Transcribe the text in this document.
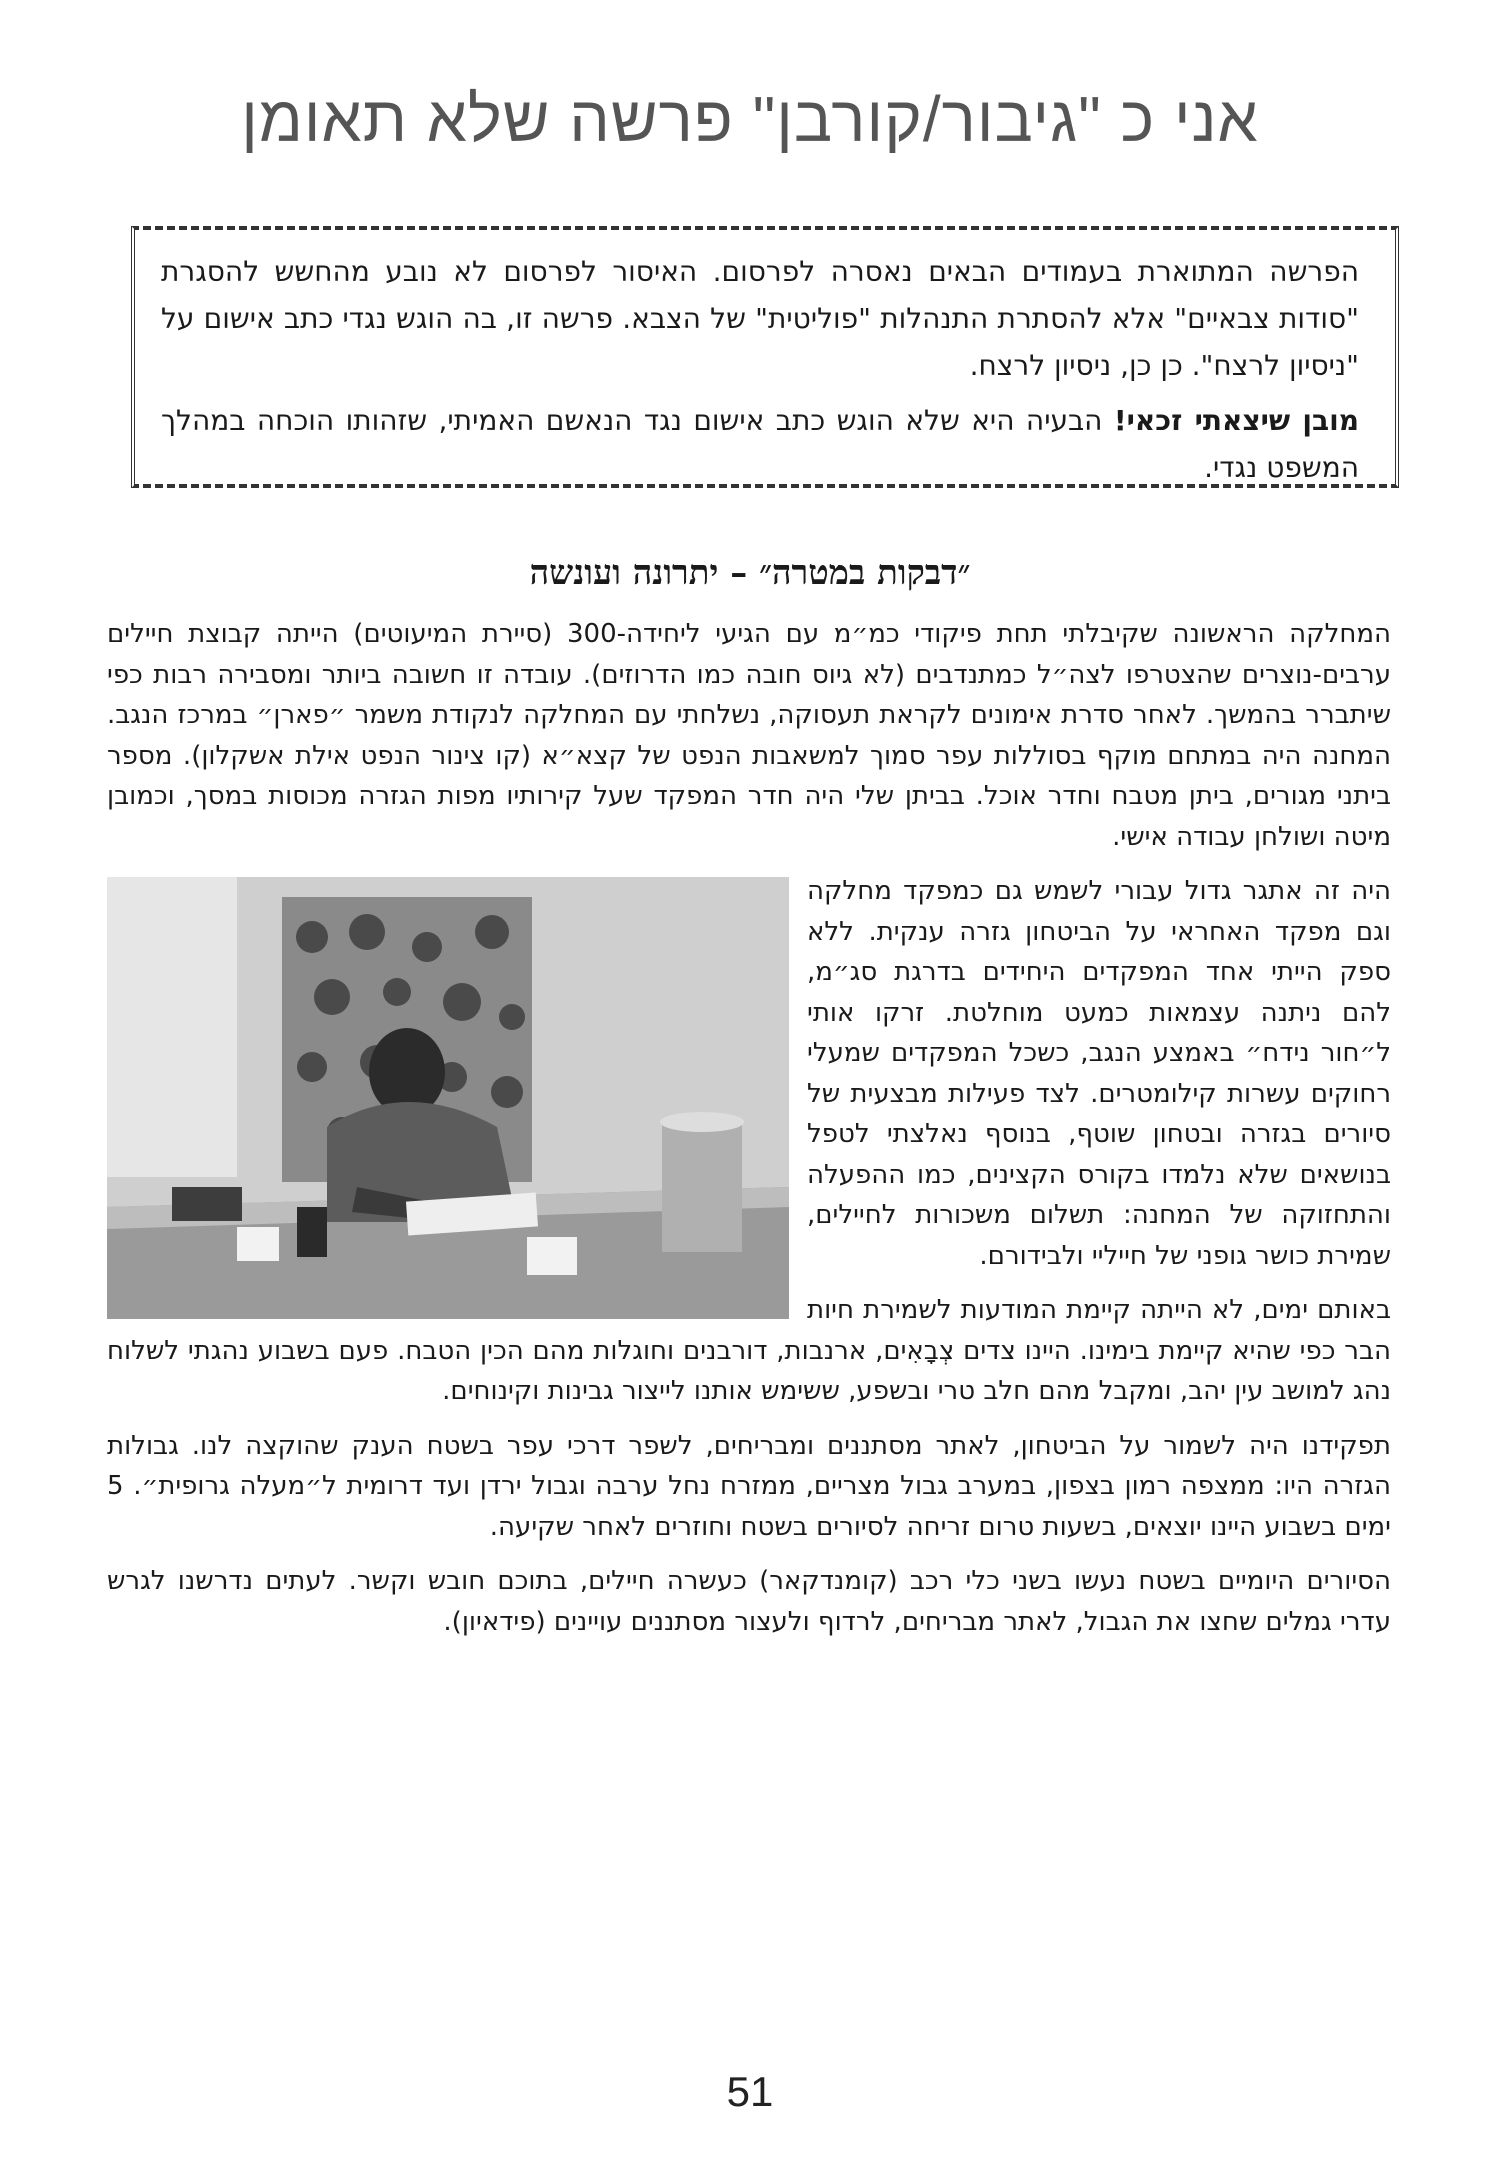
אני כ "גיבור/קורבן" פרשה שלא תאומן

הפרשה המתוארת בעמודים הבאים נאסרה לפרסום. האיסור לפרסום לא נובע מהחשש להסגרת "סודות צבאיים" אלא להסתרת התנהלות "פוליטית" של הצבא. פרשה זו, בה הוגש נגדי כתב אישום על "ניסיון לרצח". כן כן, ניסיון לרצח.

מובן שיצאתי זכאי! הבעיה היא שלא הוגש כתב אישום נגד הנאשם האמיתי, שזהותו הוכחה במהלך המשפט נגדי.

״דבקות במטרה״ – יתרונה ועונשה

המחלקה הראשונה שקיבלתי תחת פיקודי כמ״מ עם הגיעי ליחידה-300 (סיירת המיעוטים) הייתה קבוצת חיילים ערבים-נוצרים שהצטרפו לצה״ל כמתנדבים (לא גיוס חובה כמו הדרוזים). עובדה זו חשובה ביותר ומסבירה רבות כפי שיתברר בהמשך. לאחר סדרת אימונים לקראת תעסוקה, נשלחתי עם המחלקה לנקודת משמר ״פארן״ במרכז הנגב. המחנה היה במתחם מוקף בסוללות עפר סמוך למשאבות הנפט של קצא״א (קו צינור הנפט אילת אשקלון). מספר ביתני מגורים, ביתן מטבח וחדר אוכל. בביתן שלי היה חדר המפקד שעל קירותיו מפות הגזרה מכוסות במסך, וכמובן מיטה ושולחן עבודה אישי.

היה זה אתגר גדול עבורי לשמש גם כמפקד מחלקה וגם מפקד האחראי על הביטחון גזרה ענקית. ללא ספק הייתי אחד המפקדים היחידים בדרגת סג״מ, להם ניתנה עצמאות כמעט מוחלטת. זרקו אותי ל״חור נידח״ באמצע הנגב, כשכל המפקדים שמעלי רחוקים עשרות קילומטרים. לצד פעילות מבצעית של סיורים בגזרה ובטחון שוטף, בנוסף נאלצתי לטפל בנושאים שלא נלמדו בקורס הקצינים, כמו ההפעלה והתחזוקה של המחנה: תשלום משכורות לחיילים, שמירת כושר גופני של חייליי ולבידורם.

באותם ימים, לא הייתה קיימת המודעות לשמירת חיות הבר כפי שהיא קיימת בימינו. היינו צדים צְבָאִים, ארנבות, דורבנים וחוגלות מהם הכין הטבח. פעם בשבוע נהגתי לשלוח נהג למושב עין יהב, ומקבל מהם חלב טרי ובשפע, ששימש אותנו לייצור גבינות וקינוחים.

תפקידנו היה לשמור על הביטחון, לאתר מסתננים ומבריחים, לשפר דרכי עפר בשטח הענק שהוקצה לנו. גבולות הגזרה היו: ממצפה רמון בצפון, במערב גבול מצריים, ממזרח נחל ערבה וגבול ירדן ועד דרומית ל״מעלה גרופית״. 5 ימים בשבוע היינו יוצאים, בשעות טרום זריחה לסיורים בשטח וחוזרים לאחר שקיעה.

הסיורים היומיים בשטח נעשו בשני כלי רכב (קומנדקאר) כעשרה חיילים, בתוכם חובש וקשר. לעתים נדרשנו לגרש עדרי גמלים שחצו את הגבול, לאתר מבריחים, לרדוף ולעצור מסתננים עויינים (פידאיון).

51
